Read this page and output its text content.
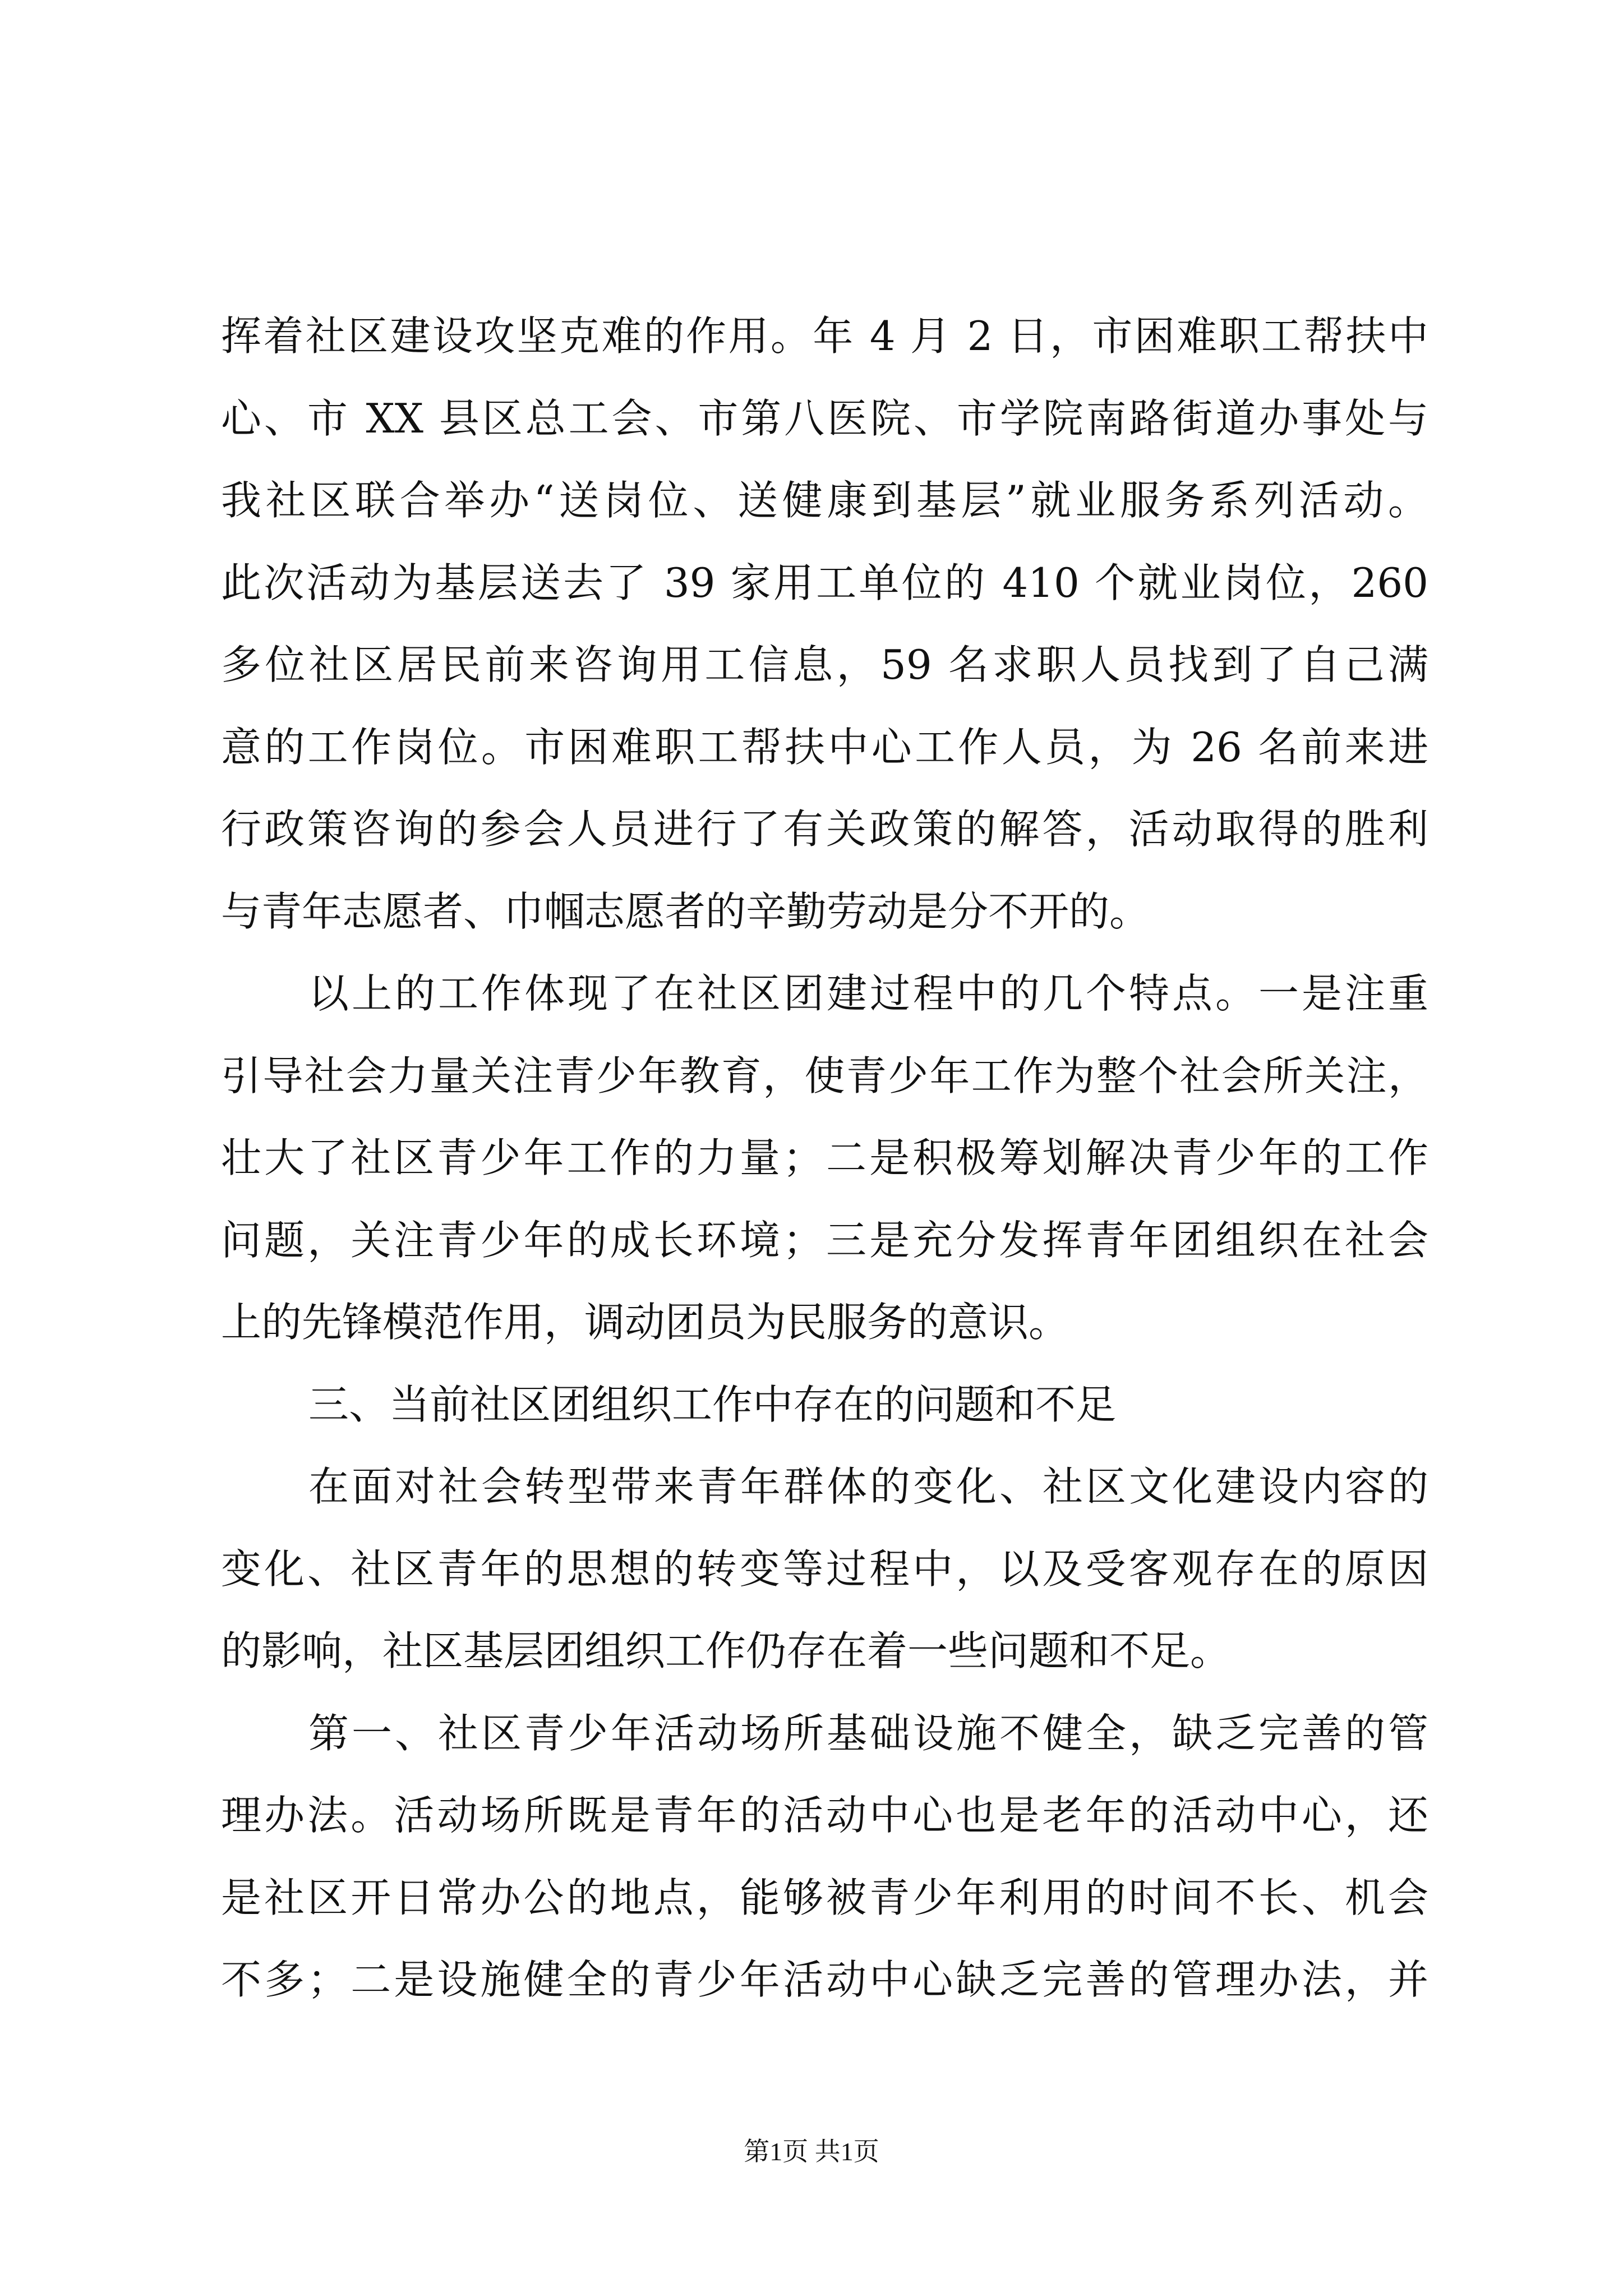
挥着社区建设攻坚克难的作用。年 4 月 2 日，市困难职工帮扶中
心、市 XX 县区总工会、市第八医院、市学院南路街道办事处与
我社区联合举办“送岗位、送健康到基层”就业服务系列活动。
此次活动为基层送去了 39 家用工单位的 410 个就业岗位，260
多位社区居民前来咨询用工信息，59 名求职人员找到了自己满
意的工作岗位。市困难职工帮扶中心工作人员，为 26 名前来进
行政策咨询的参会人员进行了有关政策的解答，活动取得的胜利
与青年志愿者、巾帼志愿者的辛勤劳动是分不开的。
以上的工作体现了在社区团建过程中的几个特点。一是注重
引导社会力量关注青少年教育，使青少年工作为整个社会所关注，
壮大了社区青少年工作的力量；二是积极筹划解决青少年的工作
问题，关注青少年的成长环境；三是充分发挥青年团组织在社会
上的先锋模范作用，调动团员为民服务的意识。
三、当前社区团组织工作中存在的问题和不足
在面对社会转型带来青年群体的变化、社区文化建设内容的
变化、社区青年的思想的转变等过程中，以及受客观存在的原因
的影响，社区基层团组织工作仍存在着一些问题和不足。
第一、社区青少年活动场所基础设施不健全，缺乏完善的管
理办法。活动场所既是青年的活动中心也是老年的活动中心，还
是社区开日常办公的地点，能够被青少年利用的时间不长、机会
不多；二是设施健全的青少年活动中心缺乏完善的管理办法，并
第1页 共1页
